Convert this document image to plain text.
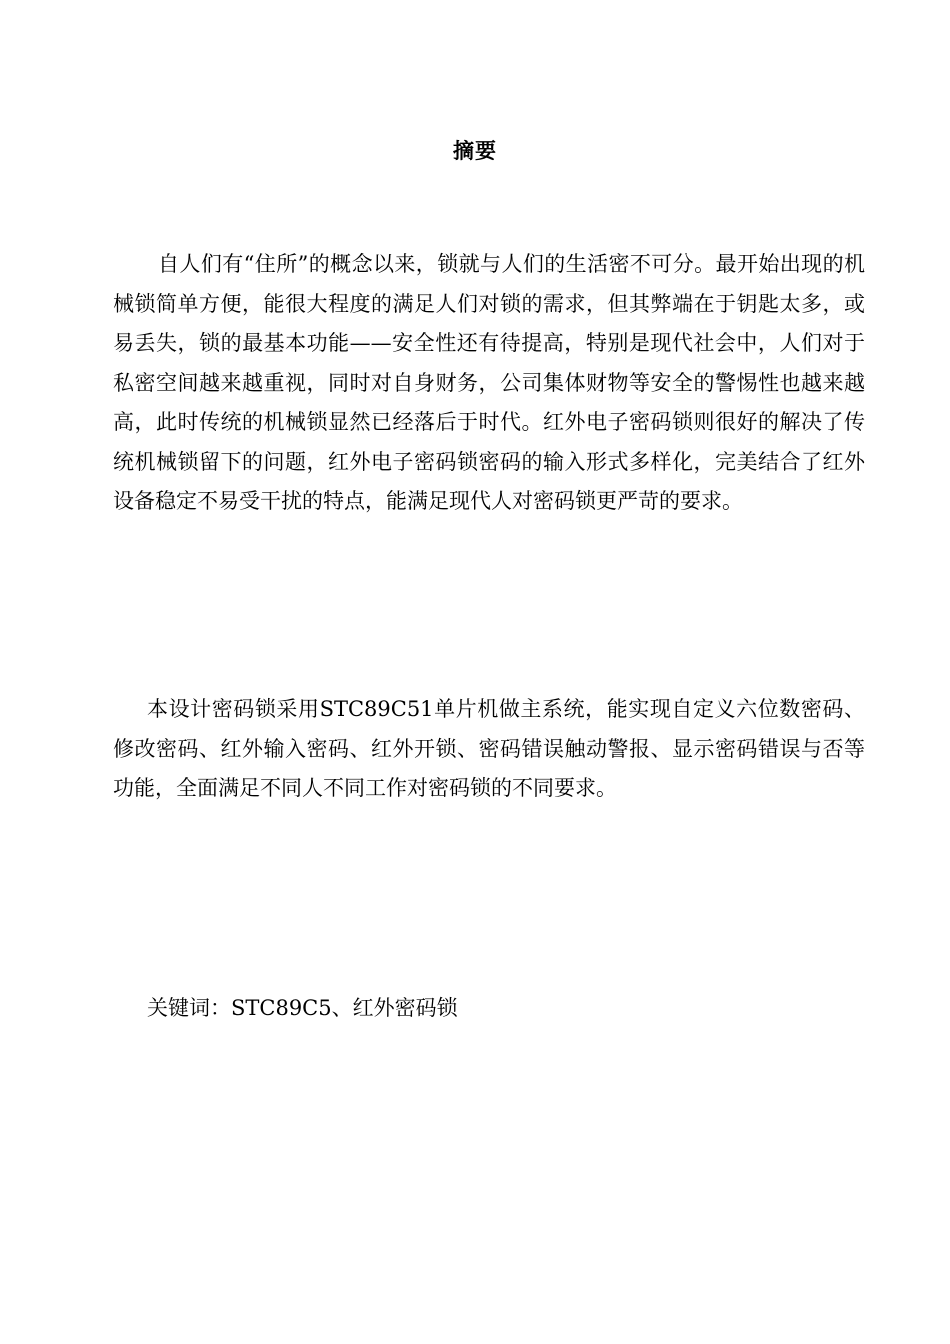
摘要

自人们有“住所”的概念以来，锁就与人们的生活密不可分。最开始出现的机械锁简单方便，能很大程度的满足人们对锁的需求，但其弊端在于钥匙太多，或易丢失，锁的最基本功能——安全性还有待提高，特别是现代社会中，人们对于私密空间越来越重视，同时对自身财务，公司集体财物等安全的警惕性也越来越高，此时传统的机械锁显然已经落后于时代。红外电子密码锁则很好的解决了传统机械锁留下的问题，红外电子密码锁密码的输入形式多样化，完美结合了红外设备稳定不易受干扰的特点，能满足现代人对密码锁更严苛的要求。

本设计密码锁采用STC89C51单片机做主系统，能实现自定义六位数密码、修改密码、红外输入密码、红外开锁、密码错误触动警报、显示密码错误与否等功能，全面满足不同人不同工作对密码锁的不同要求。

关键词：STC89C5、红外密码锁
